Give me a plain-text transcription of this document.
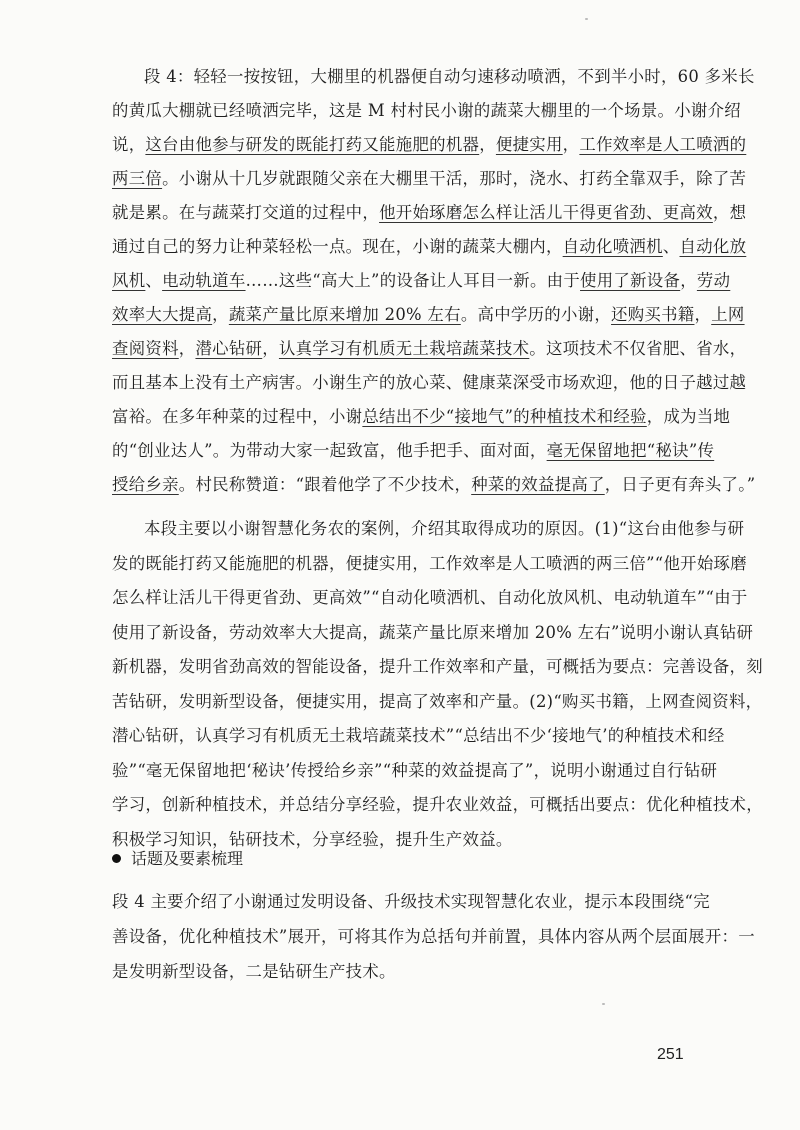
段 4：轻轻一按按钮，大棚里的机器便自动匀速移动喷洒，不到半小时，60 多米长
的黄瓜大棚就已经喷洒完毕，这是 M 村村民小谢的蔬菜大棚里的一个场景。小谢介绍
说，这台由他参与研发的既能打药又能施肥的机器，便捷实用，工作效率是人工喷洒的
两三倍。小谢从十几岁就跟随父亲在大棚里干活，那时，浇水、打药全靠双手，除了苦
就是累。在与蔬菜打交道的过程中，他开始琢磨怎么样让活儿干得更省劲、更高效，想
通过自己的努力让种菜轻松一点。现在，小谢的蔬菜大棚内，自动化喷洒机、自动化放
风机、电动轨道车……这些“高大上”的设备让人耳目一新。由于使用了新设备，劳动
效率大大提高，蔬菜产量比原来增加 20% 左右。高中学历的小谢，还购买书籍，上网
查阅资料，潜心钻研，认真学习有机质无土栽培蔬菜技术。这项技术不仅省肥、省水，
而且基本上没有土产病害。小谢生产的放心菜、健康菜深受市场欢迎，他的日子越过越
富裕。在多年种菜的过程中，小谢总结出不少“接地气”的种植技术和经验，成为当地
的“创业达人”。为带动大家一起致富，他手把手、面对面，毫无保留地把“秘诀”传
授给乡亲。村民称赞道：“跟着他学了不少技术，种菜的效益提高了，日子更有奔头了。”
本段主要以小谢智慧化务农的案例，介绍其取得成功的原因。(1)“这台由他参与研
发的既能打药又能施肥的机器，便捷实用，工作效率是人工喷洒的两三倍”“他开始琢磨
怎么样让活儿干得更省劲、更高效”“自动化喷洒机、自动化放风机、电动轨道车”“由于
使用了新设备，劳动效率大大提高，蔬菜产量比原来增加 20% 左右”说明小谢认真钻研
新机器，发明省劲高效的智能设备，提升工作效率和产量，可概括为要点：完善设备，刻
苦钻研，发明新型设备，便捷实用，提高了效率和产量。(2)“购买书籍，上网查阅资料，
潜心钻研，认真学习有机质无土栽培蔬菜技术”“总结出不少‘接地气’的种植技术和经
验”“毫无保留地把‘秘诀’传授给乡亲”“种菜的效益提高了”，说明小谢通过自行钻研
学习，创新种植技术，并总结分享经验，提升农业效益，可概括出要点：优化种植技术，
积极学习知识，钻研技术，分享经验，提升生产效益。
话题及要素梳理
段 4 主要介绍了小谢通过发明设备、升级技术实现智慧化农业，提示本段围绕“完
善设备，优化种植技术”展开，可将其作为总括句并前置，具体内容从两个层面展开：一
是发明新型设备，二是钻研生产技术。
251
